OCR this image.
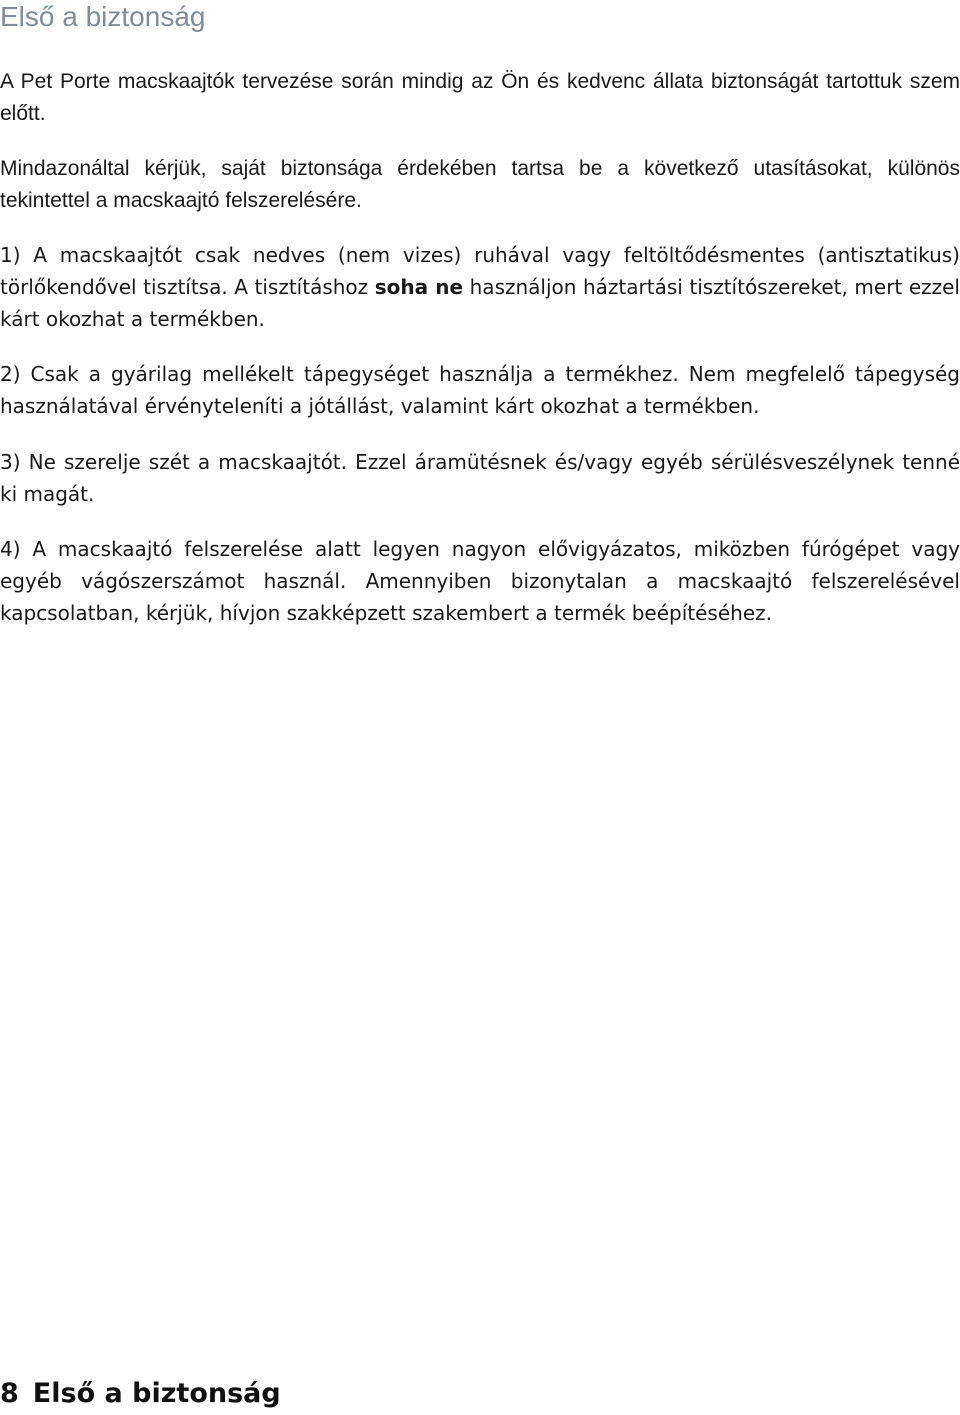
Első a biztonság

A Pet Porte macskaajtók tervezése során mindig az Ön és kedvenc állata biztonságát tartottuk szem előtt.

Mindazonáltal kérjük, saját biztonsága érdekében tartsa be a következő utasításokat, különös tekintettel a macskaajtó felszerelésére.

1) A macskaajtót csak nedves (nem vizes) ruhával vagy feltöltődésmentes (antisztatikus) törlőkendővel tisztítsa. A tisztításhoz soha ne használjon háztartási tisztítószereket, mert ezzel kárt okozhat a termékben.

2) Csak a gyárilag mellékelt tápegységet használja a termékhez. Nem megfelelő tápegység használatával érvényteleníti a jótállást, valamint kárt okozhat a termékben.

3) Ne szerelje szét a macskaajtót. Ezzel áramütésnek és/vagy egyéb sérülésveszélynek tenné ki magát.

4) A macskaajtó felszerelése alatt legyen nagyon elővigyázatos, miközben fúrógépet vagy egyéb vágószerszámot használ. Amennyiben bizonytalan a macskaajtó felszerelésével kapcsolatban, kérjük, hívjon szakképzett szakembert a termék beépítéséhez.

8 Első a biztonság
